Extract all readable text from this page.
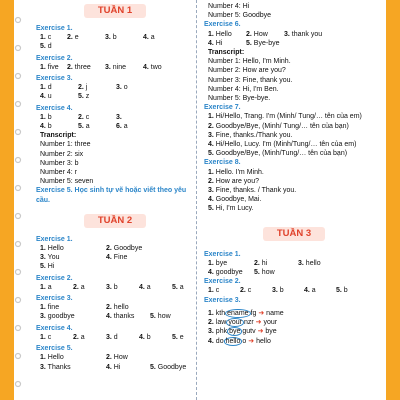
TUẦN 1
Exercise 1.
1. c	2. e	3. b	4. a
5. d
Exercise 2.
1. five	2. three	3. nine	4. two
Exercise 3.
1. d	2. j	3. o
4. u	5. z
Exercise 4.
1. b	2. c	3.
4. b	5. a	6. a
Transcript:
Number 1: three
Number 2: six
Number 3: b
Number 4: r
Number 5: seven
Exercise 5. Học sinh tự vẽ hoặc viết theo yêu cầu.
TUẦN 2
Exercise 1.
1. Hello	2. Goodbye
3. You	4. Fine
5. Hi
Exercise 2.
1. a	2. a	3. b	4. a	5. a
Exercise 3.
1. fine	2. hello
3. goodbye	4. thanks	5. how
Exercise 4.
1. c	2. a	3. d	4. b	5. e
Exercise 5.
1. Hello	2. How
3. Thanks	4. Hi	5. Goodbye
Number 4: Hi
Number 5: Goodbye
Exercise 6.
1. Hello	2. How	3. thank you
4. Hi	5. Bye-bye
Transcript:
Number 1: Hello, I'm Minh.
Number 2: How are you?
Number 3: Fine, thank you.
Number 4: Hi, I'm Ben.
Number 5: Bye-bye.
Exercise 7.
1. Hi/Hello, Trang. I'm (Minh/ Tung/… tên của em)
2. Goodbye/Bye, (Minh/ Tung/… tên của bạn)
3. Fine, thanks./Thank you.
4. Hi/Hello, Lucy. I'm (Minh/Tung/… tên của em)
5. Goodbye/Bye, (Minh/Tung/… tên của bạn)
Exercise 8.
1. Hello. I'm Minh.
2. How are you?
3. Fine, thanks. / Thank you.
4. Goodbye, Mai.
5. Hi, I'm Lucy.
TUẦN 3
Exercise 1.
1. bye	2. hi	3. hello
4. goodbye	5. how
Exercise 2.
1. c	2. c	3. b	4. a	5. b
Exercise 3.
1. kth ename fg ➜ name
2. law your nzr ➜ your
3. phk bye gutv ➜ bye
4. do hello o ➜ hello
